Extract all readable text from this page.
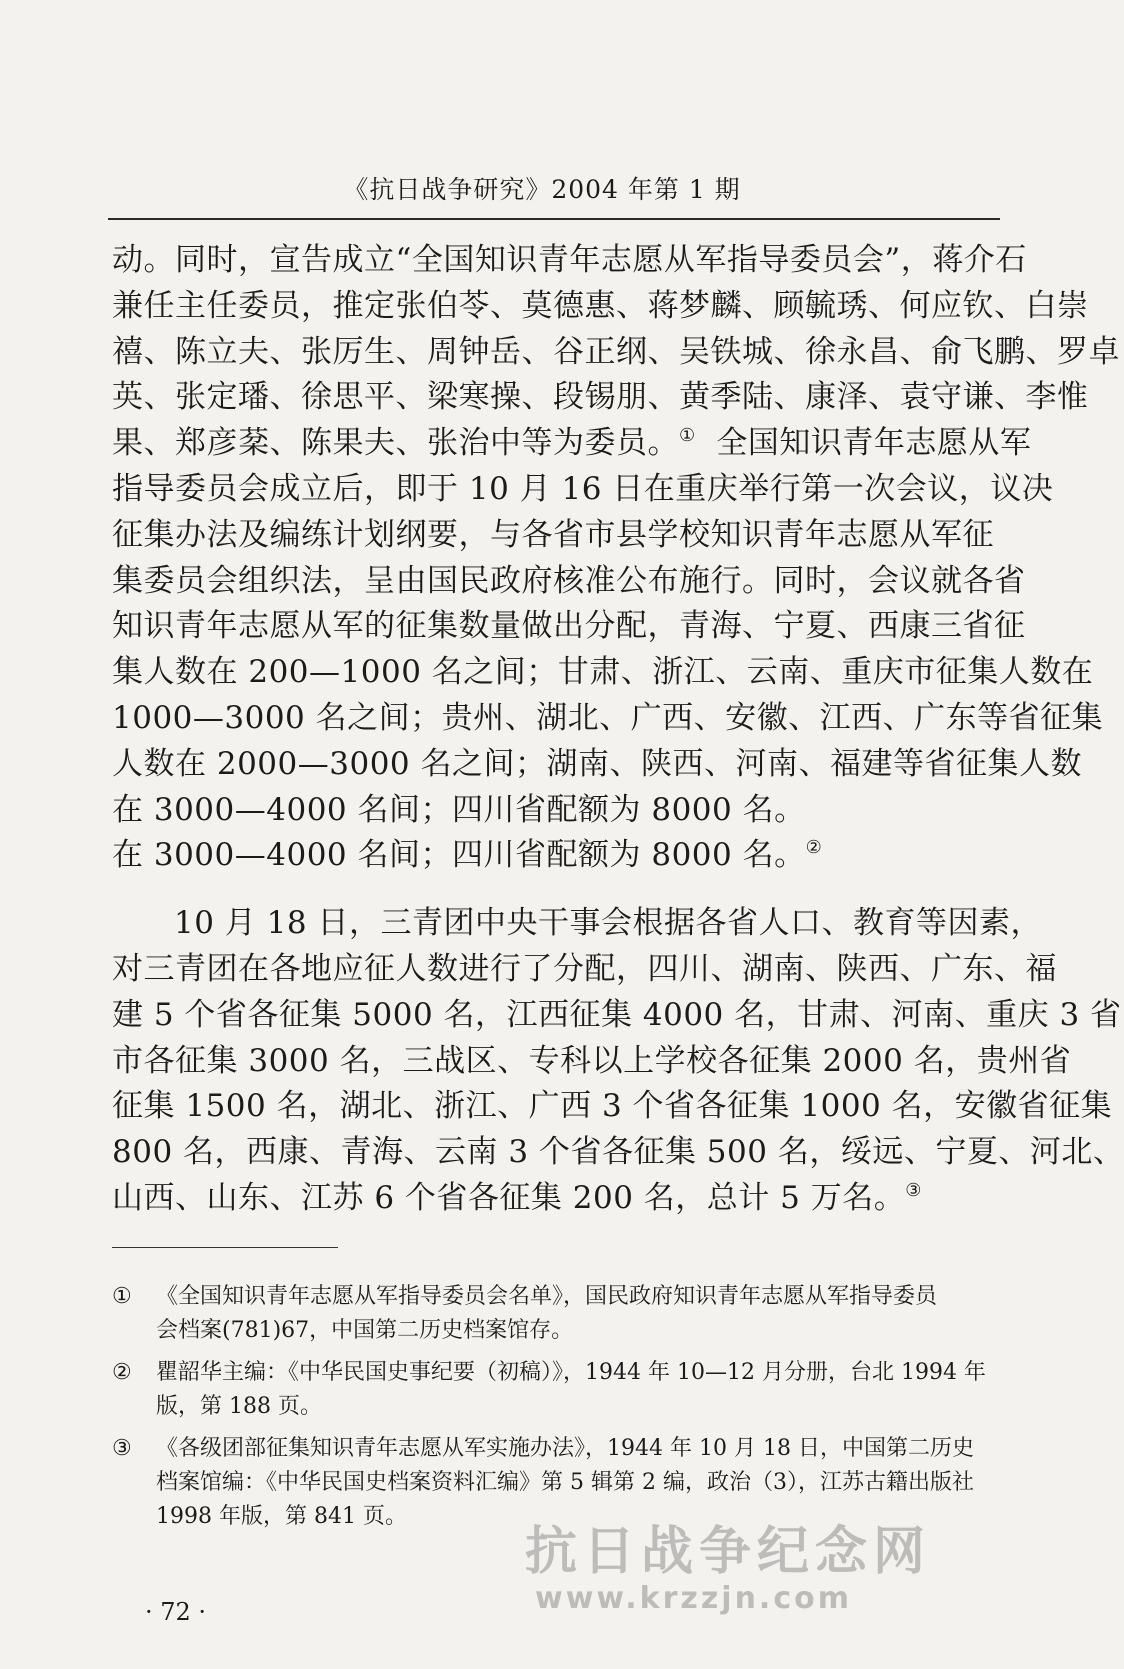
《抗日战争研究》2004 年第 1 期
动。同时，宣告成立“全国知识青年志愿从军指导委员会”，蒋介石
兼任主任委员，推定张伯苓、莫德惠、蒋梦麟、顾毓琇、何应钦、白崇
禧、陈立夫、张厉生、周钟岳、谷正纲、吴铁城、徐永昌、俞飞鹏、罗卓
英、张定璠、徐思平、梁寒操、段锡朋、黄季陆、康泽、袁守谦、李惟
果、郑彦棻、陈果夫、张治中等为委员。① 全国知识青年志愿从军
指导委员会成立后，即于 10 月 16 日在重庆举行第一次会议，议决
征集办法及编练计划纲要，与各省市县学校知识青年志愿从军征
集委员会组织法，呈由国民政府核准公布施行。同时，会议就各省
知识青年志愿从军的征集数量做出分配，青海、宁夏、西康三省征
集人数在 200—1000 名之间；甘肃、浙江、云南、重庆市征集人数在
1000—3000 名之间；贵州、湖北、广西、安徽、江西、广东等省征集
人数在 2000—3000 名之间；湖南、陕西、河南、福建等省征集人数
在 3000—4000 名间；四川省配额为 8000 名。
在 3000—4000 名间；四川省配额为 8000 名。②
10 月 18 日，三青团中央干事会根据各省人口、教育等因素，
对三青团在各地应征人数进行了分配，四川、湖南、陕西、广东、福
建 5 个省各征集 5000 名，江西征集 4000 名，甘肃、河南、重庆 3 省
市各征集 3000 名，三战区、专科以上学校各征集 2000 名，贵州省
征集 1500 名，湖北、浙江、广西 3 个省各征集 1000 名，安徽省征集
800 名，西康、青海、云南 3 个省各征集 500 名，绥远、宁夏、河北、
山西、山东、江苏 6 个省各征集 200 名，总计 5 万名。③
① 《全国知识青年志愿从军指导委员会名单》，国民政府知识青年志愿从军指导委员
会档案(781)67，中国第二历史档案馆存。
② 瞿韶华主编：《中华民国史事纪要（初稿）》，1944 年 10—12 月分册，台北 1994 年
版，第 188 页。
③ 《各级团部征集知识青年志愿从军实施办法》，1944 年 10 月 18 日，中国第二历史
档案馆编：《中华民国史档案资料汇编》第 5 辑第 2 编，政治（3），江苏古籍出版社
1998 年版，第 841 页。
· 72 ·
抗日战争纪念网
www.krzzjn.com
